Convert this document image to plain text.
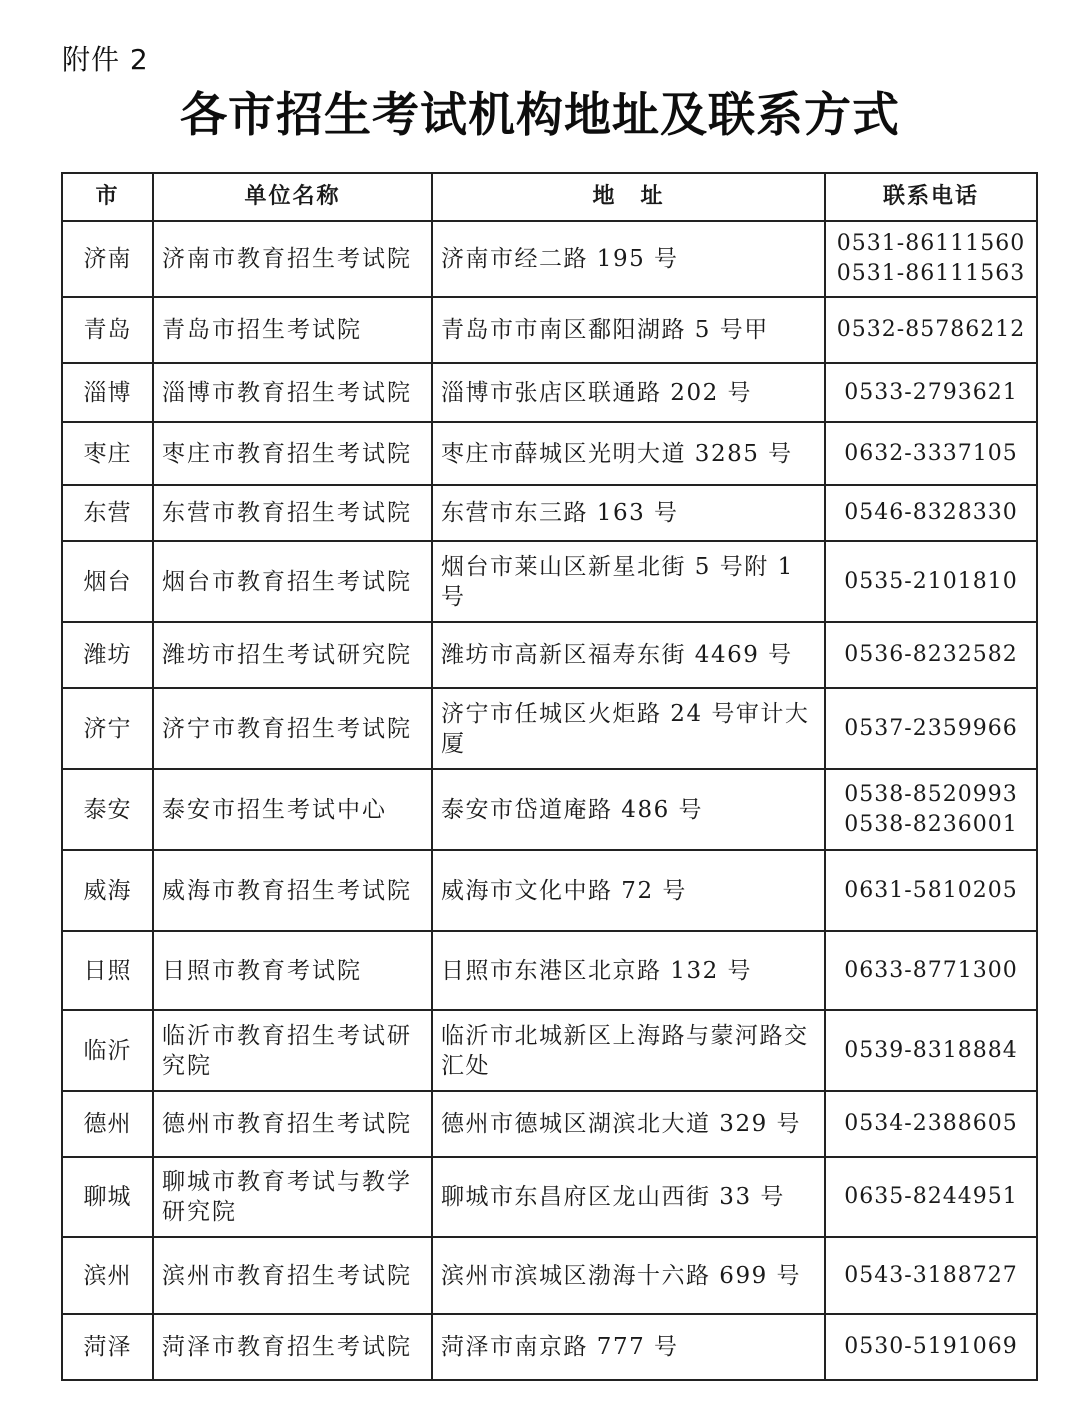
附件 2
各市招生考试机构地址及联系方式
市	单位名称	地　址	联系电话
济南	济南市教育招生考试院	济南市经二路 195 号	0531-86111560
0531-86111563

青岛	青岛市招生考试院	青岛市市南区鄱阳湖路 5 号甲	0532-85786212

淄博	淄博市教育招生考试院	淄博市张店区联通路 202 号	0533-2793621

枣庄	枣庄市教育招生考试院	枣庄市薛城区光明大道 3285 号	0632-3337105

东营	东营市教育招生考试院	东营市东三路 163 号	0546-8328330

烟台	烟台市教育招生考试院	烟台市莱山区新星北街 5 号附 1 号	0535-2101810

潍坊	潍坊市招生考试研究院	潍坊市高新区福寿东街 4469 号	0536-8232582

济宁	济宁市教育招生考试院	济宁市任城区火炬路 24 号审计大厦	0537-2359966

泰安	泰安市招生考试中心	泰安市岱道庵路 486 号	0538-8520993
0538-8236001

威海	威海市教育招生考试院	威海市文化中路 72 号	0631-5810205

日照	日照市教育考试院	日照市东港区北京路 132 号	0633-8771300

临沂	临沂市教育招生考试研究院	临沂市北城新区上海路与蒙河路交汇处	0539-8318884

德州	德州市教育招生考试院	德州市德城区湖滨北大道 329 号	0534-2388605

聊城	聊城市教育考试与教学研究院	聊城市东昌府区龙山西街 33 号	0635-8244951

滨州	滨州市教育招生考试院	滨州市滨城区渤海十六路 699 号	0543-3188727

菏泽	菏泽市教育招生考试院	菏泽市南京路 777 号	0530-5191069
